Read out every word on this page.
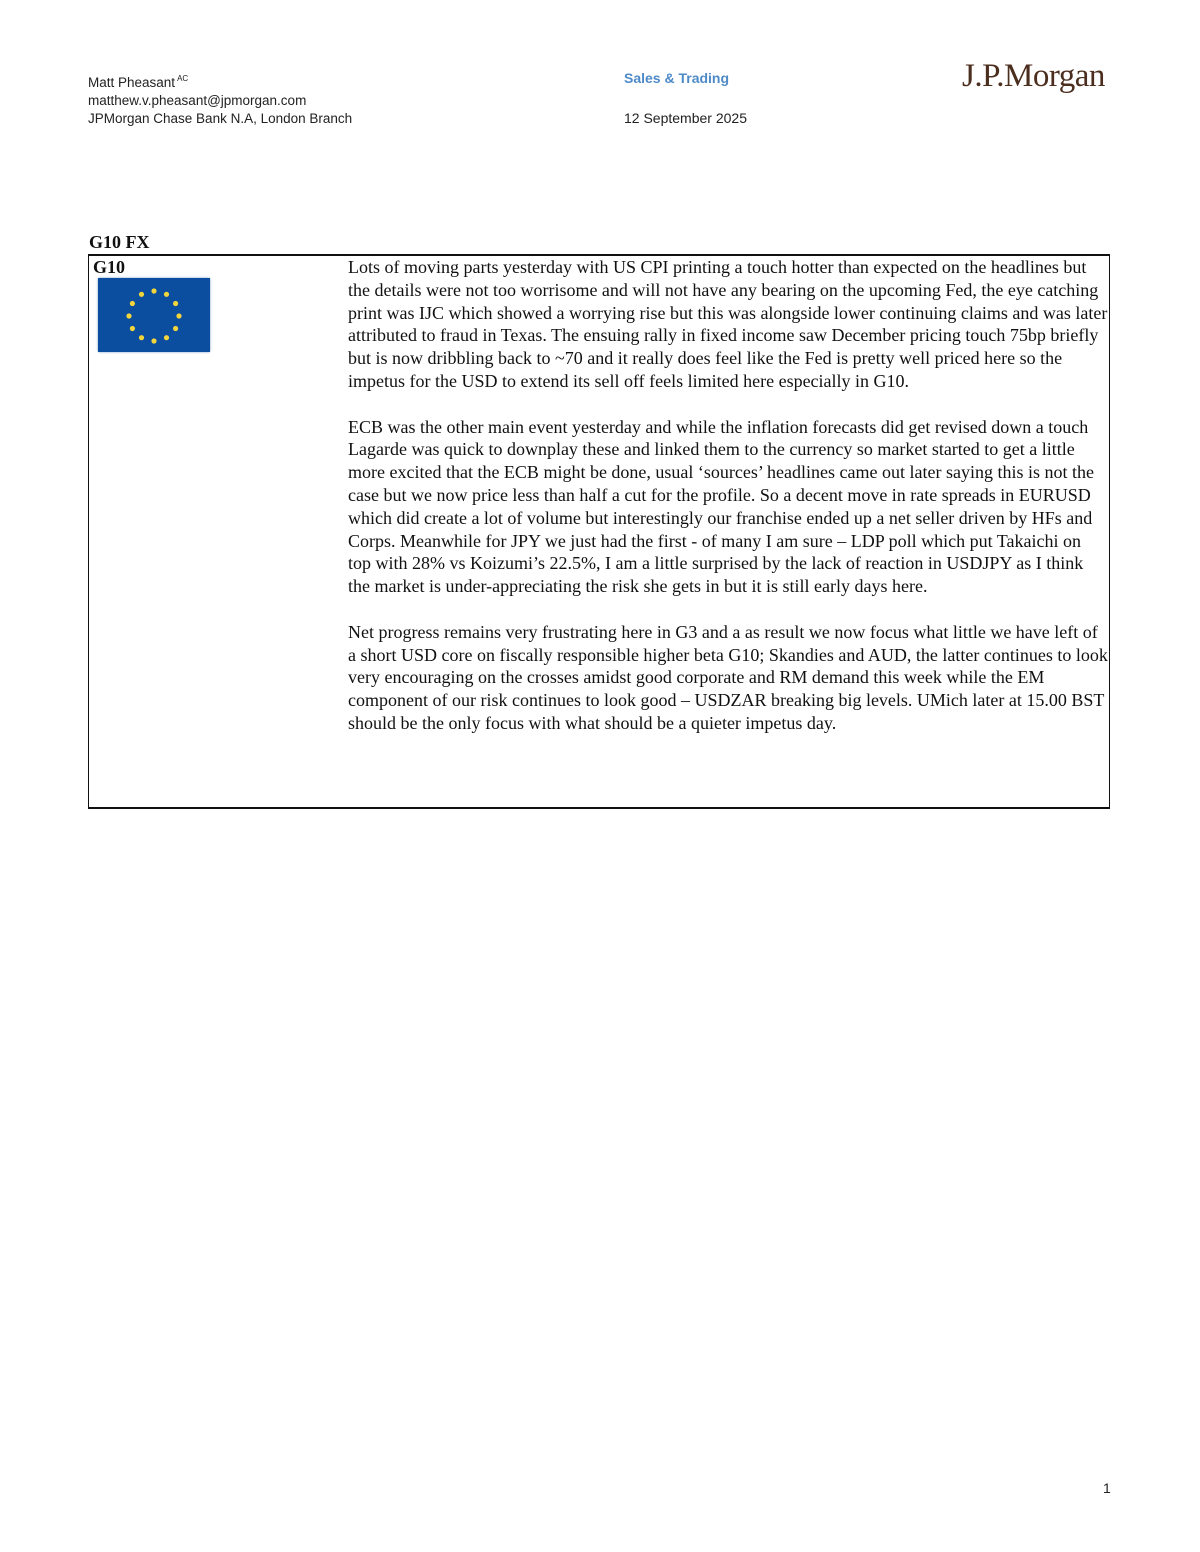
Matt Pheasant $^{AC}$
matthew.v.pheasant@jpmorgan.com
JPMorgan Chase Bank N.A, London Branch
Sales & Trading
12 September 2025
J.P.Morgan
G10 FX
G10	Lots of moving parts yesterday with US CPI printing a touch hotter than expected on the headlines but the details were not too worrisome and will not have any bearing on the upcoming Fed, the eye catching print was IJC which showed a worrying rise but this was alongside lower continuing claims and was later attributed to fraud in Texas. The ensuing rally in fixed income saw December pricing touch 75bp briefly but is now dribbling back to ~70 and it really does feel like the Fed is pretty well priced here so the impetus for the USD to extend its sell off feels limited here especially in G10.

ECB was the other main event yesterday and while the inflation forecasts did get revised down a touch Lagarde was quick to downplay these and linked them to the currency so market started to get a little more excited that the ECB might be done, usual ‘sources’ headlines came out later saying this is not the case but we now price less than half a cut for the profile. So a decent move in rate spreads in EURUSD which did create a lot of volume but interestingly our franchise ended up a net seller driven by HFs and Corps. Meanwhile for JPY we just had the first - of many I am sure – LDP poll which put Takaichi on top with 28% vs Koizumi’s 22.5%, I am a little surprised by the lack of reaction in USDJPY as I think the market is under-appreciating the risk she gets in but it is still early days here.

Net progress remains very frustrating here in G3 and a as result we now focus what little we have left of a short USD core on fiscally responsible higher beta G10; Skandies and AUD, the latter continues to look very encouraging on the crosses amidst good corporate and RM demand this week while the EM component of our risk continues to look good – USDZAR breaking big levels. UMich later at 15.00 BST should be the only focus with what should be a quieter impetus day.

1
